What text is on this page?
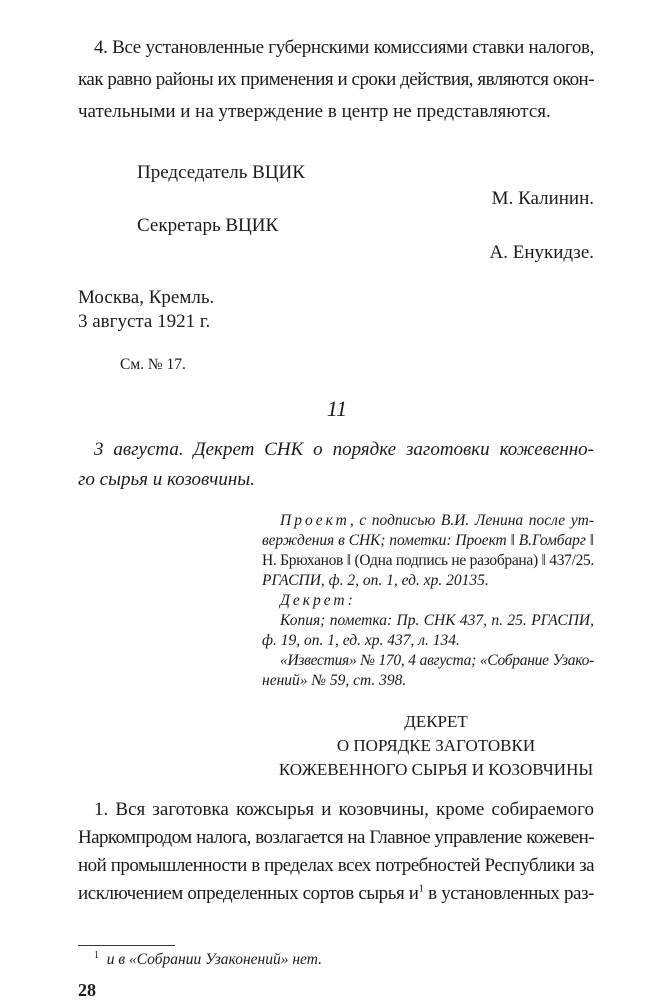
4. Все установленные губернскими комиссиями ставки налогов,
как равно районы их применения и сроки действия, являются окон-
чательными и на утверждение в центр не представляются.
Председатель ВЦИК
М. Калинин.
Секретарь ВЦИК
А. Енукидзе.
Москва, Кремль.
3 августа 1921 г.
См. № 17.
11
3 августа. Декрет СНК о порядке заготовки кожевенно-
го сырья и козовчины.
Проект, с подписью В.И. Ленина после ут-
верждения в СНК; пометки: Проект ‖ В.Гомбарг ‖
Н. Брюханов ‖ (Одна подпись не разобрана) ‖ 437/25.
РГАСПИ, ф. 2, оп. 1, ед. хр. 20135.
Декрет:
Копия; пометка: Пр. СНК 437, п. 25. РГАСПИ,
ф. 19, оп. 1, ед. хр. 437, л. 134.
«Известия» № 170, 4 августа; «Собрание Узако-
нений» № 59, ст. 398.
ДЕКРЕТ
О ПОРЯДКЕ ЗАГОТОВКИ
КОЖЕВЕННОГО СЫРЬЯ И КОЗОВЧИНЫ
1. Вся заготовка кожсырья и козовчины, кроме собираемого
Наркомпродом налога, возлагается на Главное управление кожевен-
ной промышленности в пределах всех потребностей Республики за
исключением определенных сортов сырья $и^1$ в установленных раз-
$^1$ и в «Собрании Узаконений» нет.
28
